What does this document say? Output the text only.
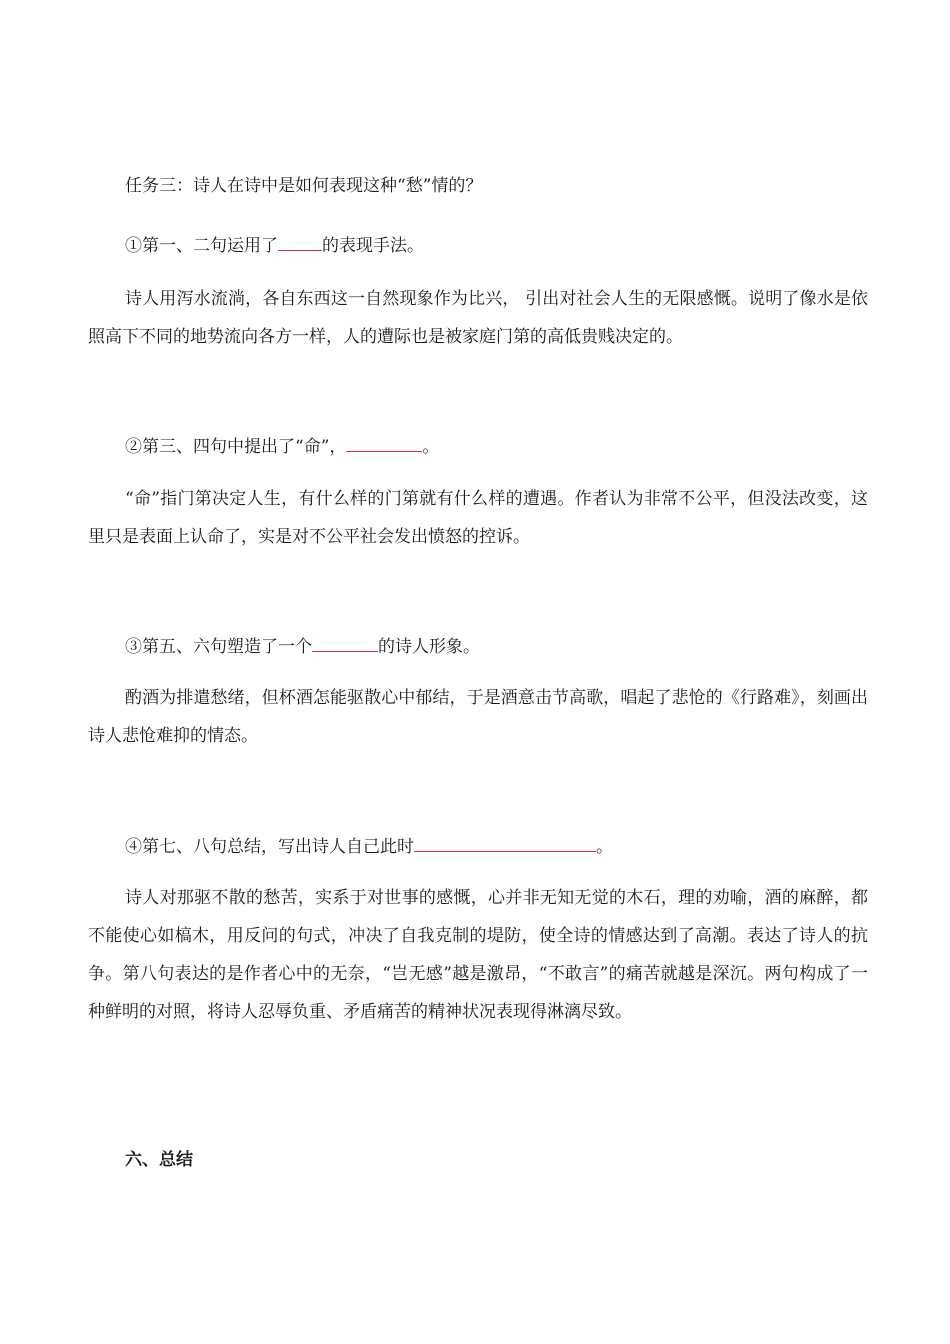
任务三：诗人在诗中是如何表现这种“愁”情的？
①第一、二句运用了	的表现手法。
诗人用泻水流淌，各自东西这一自然现象作为比兴， 引出对社会人生的无限感慨。说明了像水是依照高下不同的地势流向各方一样，人的遭际也是被家庭门第的高低贵贱决定的。
②第三、四句中提出了“命”，	。
“命”指门第决定人生，有什么样的门第就有什么样的遭遇。作者认为非常不公平，但没法改变，这里只是表面上认命了，实是对不公平社会发出愤怒的控诉。
③第五、六句塑造了一个	的诗人形象。
酌酒为排遣愁绪，但杯酒怎能驱散心中郁结，于是酒意击节高歌，唱起了悲怆的《行路难》，刻画出诗人悲怆难抑的情态。
④第七、八句总结，写出诗人自己此时	。
诗人对那驱不散的愁苦，实系于对世事的感慨，心并非无知无觉的木石，理的劝喻，酒的麻醉，都不能使心如槁木，用反问的句式，冲决了自我克制的堤防，使全诗的情感达到了高潮。表达了诗人的抗争。第八句表达的是作者心中的无奈，“岂无感”越是激昂，“不敢言”的痛苦就越是深沉。两句构成了一种鲜明的对照，将诗人忍辱负重、矛盾痛苦的精神状况表现得淋漓尽致。
六、总结
